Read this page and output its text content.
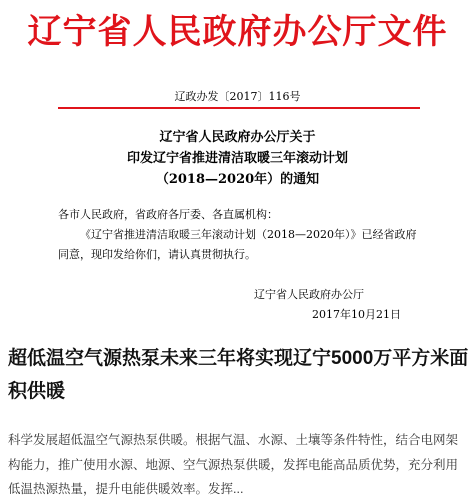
辽宁省人民政府办公厅文件
辽政办发〔2017〕116号
辽宁省人民政府办公厅关于
印发辽宁省推进清洁取暖三年滚动计划
（2018—2020年）的通知

各市人民政府，省政府各厅委、各直属机构：

《辽宁省推进清洁取暖三年滚动计划（2018—2020年）》已经省政府

同意，现印发给你们，请认真贯彻执行。

辽宁省人民政府办公厅
2017年10月21日
超低温空气源热泵未来三年将实现辽宁5000万平方米面积供暖
科学发展超低温空气源热泵供暖。根据气温、水源、土壤等条件特性，结合电网架构能力，推广使用水源、地源、空气源热泵供暖，发挥电能高品质优势，充分利用低温热源热量，提升电能供暖效率。发挥...
